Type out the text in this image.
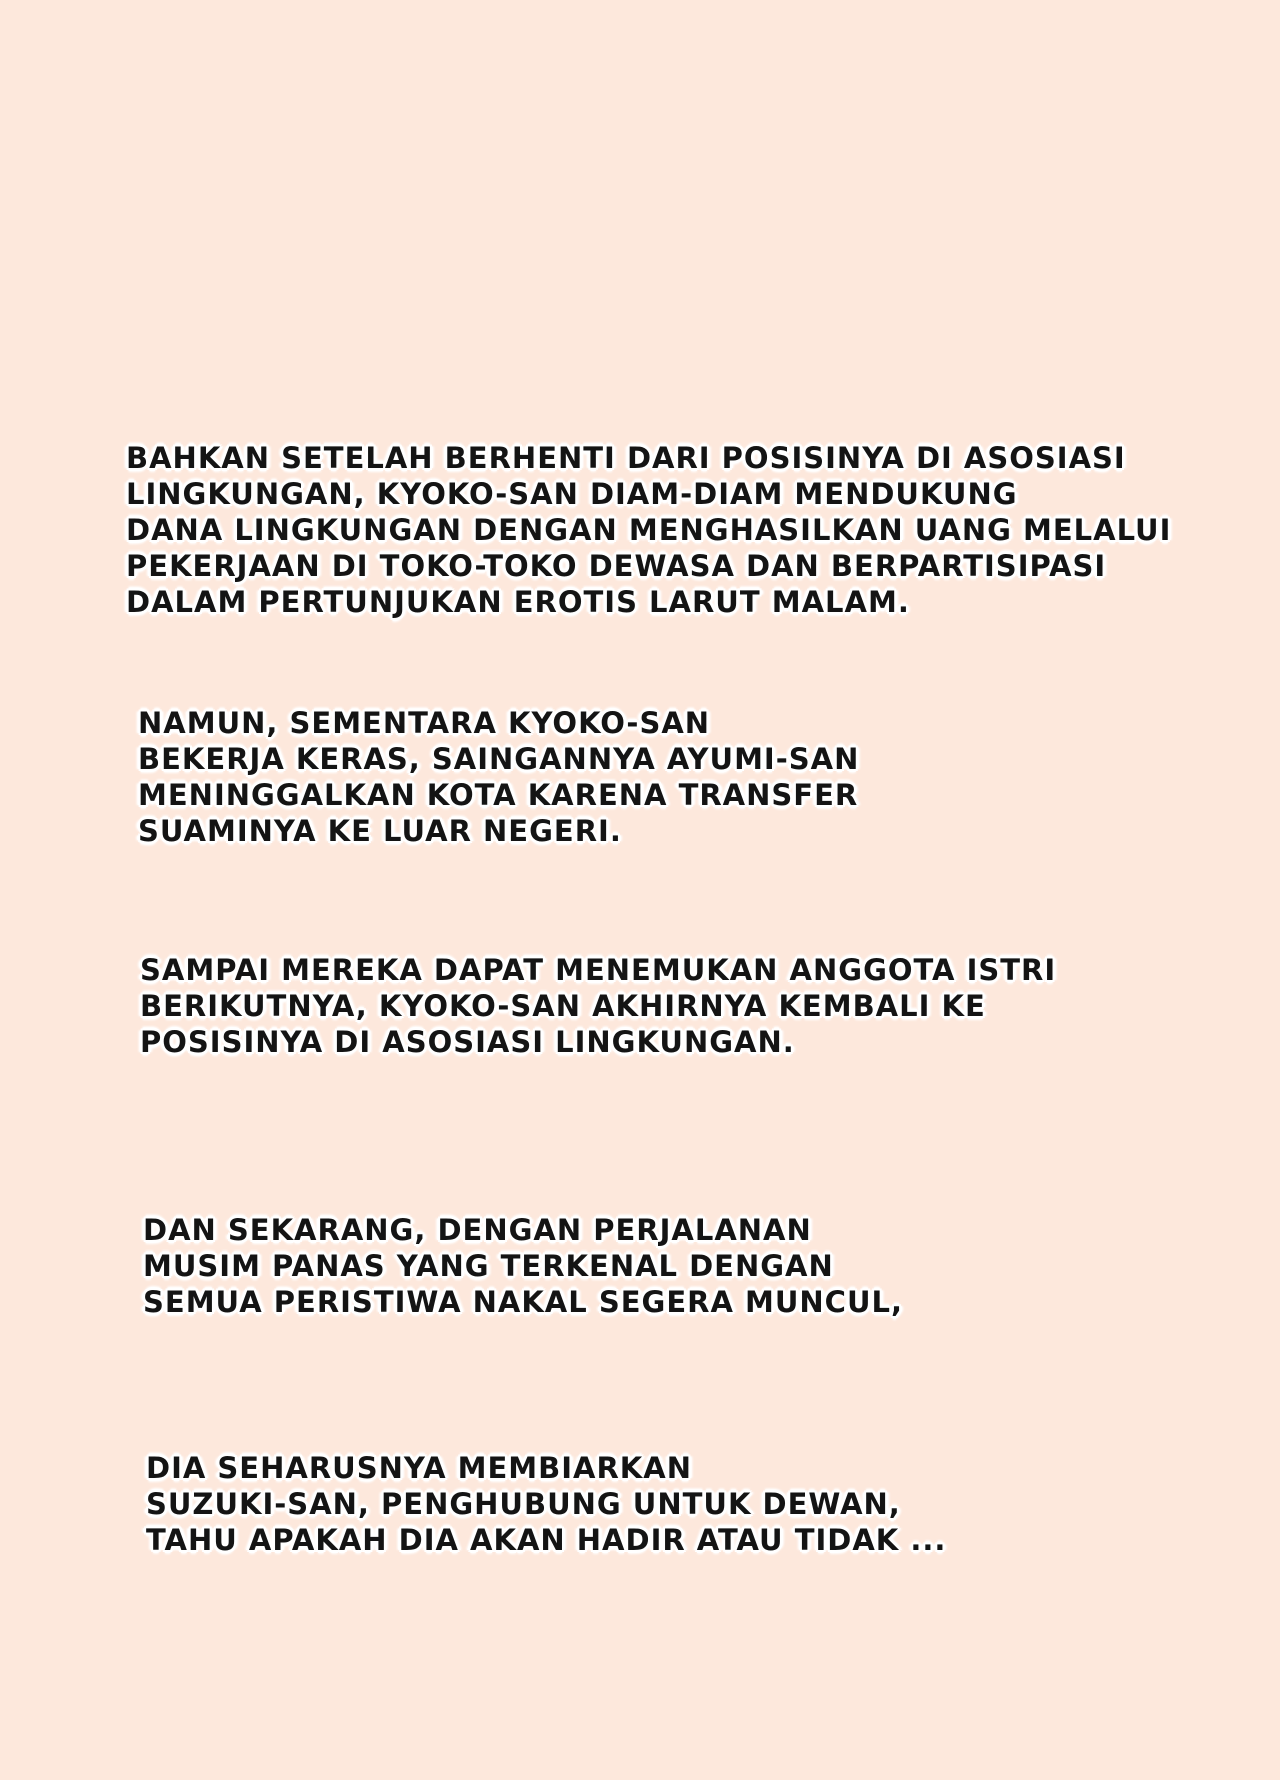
BAHKAN SETELAH BERHENTI DARI POSISINYA DI ASOSIASI
LINGKUNGAN, KYOKO-SAN DIAM-DIAM MENDUKUNG
DANA LINGKUNGAN DENGAN MENGHASILKAN UANG MELALUI
PEKERJAAN DI TOKO-TOKO DEWASA DAN BERPARTISIPASI
DALAM PERTUNJUKAN EROTIS LARUT MALAM.

NAMUN, SEMENTARA KYOKO-SAN
BEKERJA KERAS, SAINGANNYA AYUMI-SAN
MENINGGALKAN KOTA KARENA TRANSFER
SUAMINYA KE LUAR NEGERI.

SAMPAI MEREKA DAPAT MENEMUKAN ANGGOTA ISTRI
BERIKUTNYA, KYOKO-SAN AKHIRNYA KEMBALI KE
POSISINYA DI ASOSIASI LINGKUNGAN.

DAN SEKARANG, DENGAN PERJALANAN
MUSIM PANAS YANG TERKENAL DENGAN
SEMUA PERISTIWA NAKAL SEGERA MUNCUL,

DIA SEHARUSNYA MEMBIARKAN
SUZUKI-SAN, PENGHUBUNG UNTUK DEWAN,
TAHU APAKAH DIA AKAN HADIR ATAU TIDAK ...
